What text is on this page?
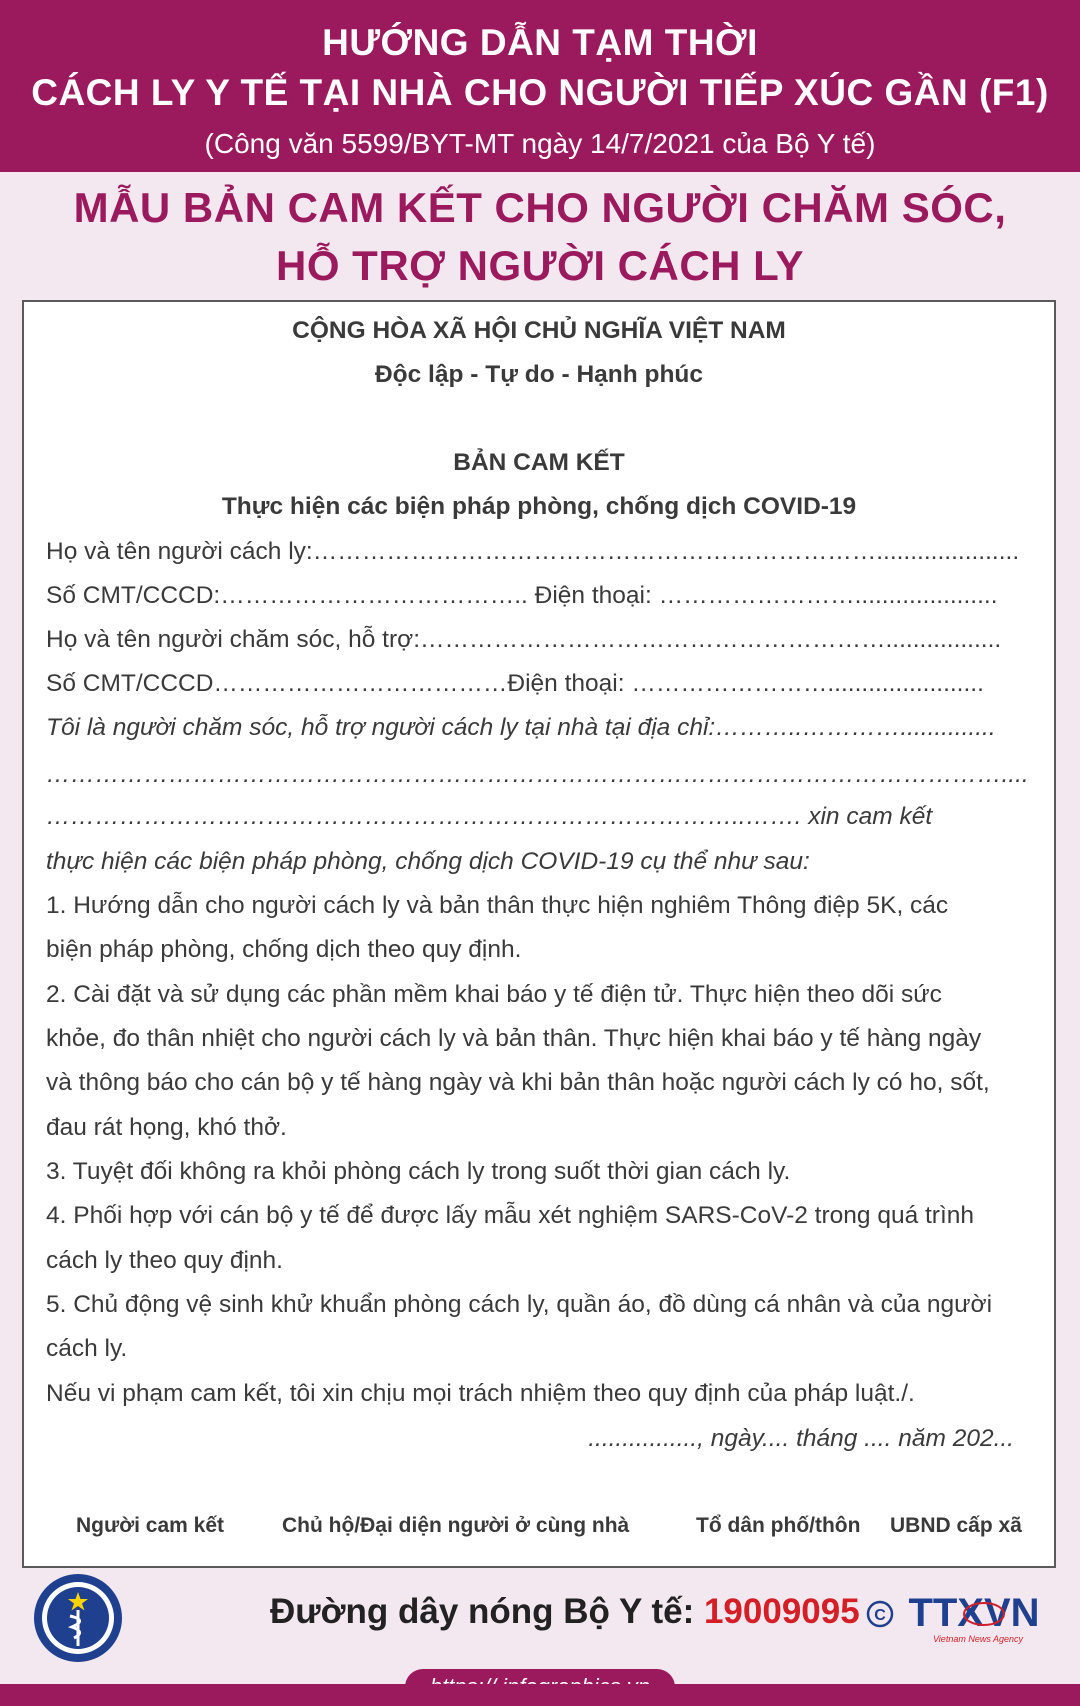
HƯỚNG DẪN TẠM THỜI
CÁCH LY Y TẾ TẠI NHÀ CHO NGƯỜI TIẾP XÚC GẦN (F1)
(Công văn 5599/BYT-MT ngày 14/7/2021 của Bộ Y tế)
MẪU BẢN CAM KẾT CHO NGƯỜI CHĂM SÓC,
HỖ TRỢ NGƯỜI CÁCH LY
CỘNG HÒA XÃ HỘI CHỦ NGHĨA VIỆT NAM
Độc lập - Tự do - Hạnh phúc
BẢN CAM KẾT
Thực hiện các biện pháp phòng, chống dịch COVID-19
Họ và tên người cách ly:…………………………………………………………….....................
Số CMT/CCCD:……………………………….. Điện thoại: …………………….....................
Họ và tên người chăm sóc, hỗ trợ:………………………………………………….................
Số CMT/CCCD………………………………Điện thoại: …………………….......................
Tôi là người chăm sóc, hỗ trợ người cách ly tại nhà tại địa chỉ:………..…………..............
………………………………………………………………………………………………………....
…………………………………………………………………………..……. xin cam kết
thực hiện các biện pháp phòng, chống dịch COVID-19 cụ thể như sau:
1. Hướng dẫn cho người cách ly và bản thân thực hiện nghiêm Thông điệp 5K, các
biện pháp phòng, chống dịch theo quy định.
2. Cài đặt và sử dụng các phần mềm khai báo y tế điện tử. Thực hiện theo dõi sức
khỏe, đo thân nhiệt cho người cách ly và bản thân. Thực hiện khai báo y tế hàng ngày
và thông báo cho cán bộ y tế hàng ngày và khi bản thân hoặc người cách ly có ho, sốt,
đau rát họng, khó thở.
3. Tuyệt đối không ra khỏi phòng cách ly trong suốt thời gian cách ly.
4. Phối hợp với cán bộ y tế để được lấy mẫu xét nghiệm SARS-CoV-2 trong quá trình
cách ly theo quy định.
5. Chủ động vệ sinh khử khuẩn phòng cách ly, quần áo, đồ dùng cá nhân và của người
cách ly.
Nếu vi phạm cam kết, tôi xin chịu mọi trách nhiệm theo quy định của pháp luật./.
................, ngày.... tháng .... năm 202...
Người cam kết	Chủ hộ/Đại diện người ở cùng nhà	Tổ dân phố/thôn UBND cấp xã
Đường dây nóng Bộ Y tế: 19009095 C TTXVN
Vietnam News Agency
